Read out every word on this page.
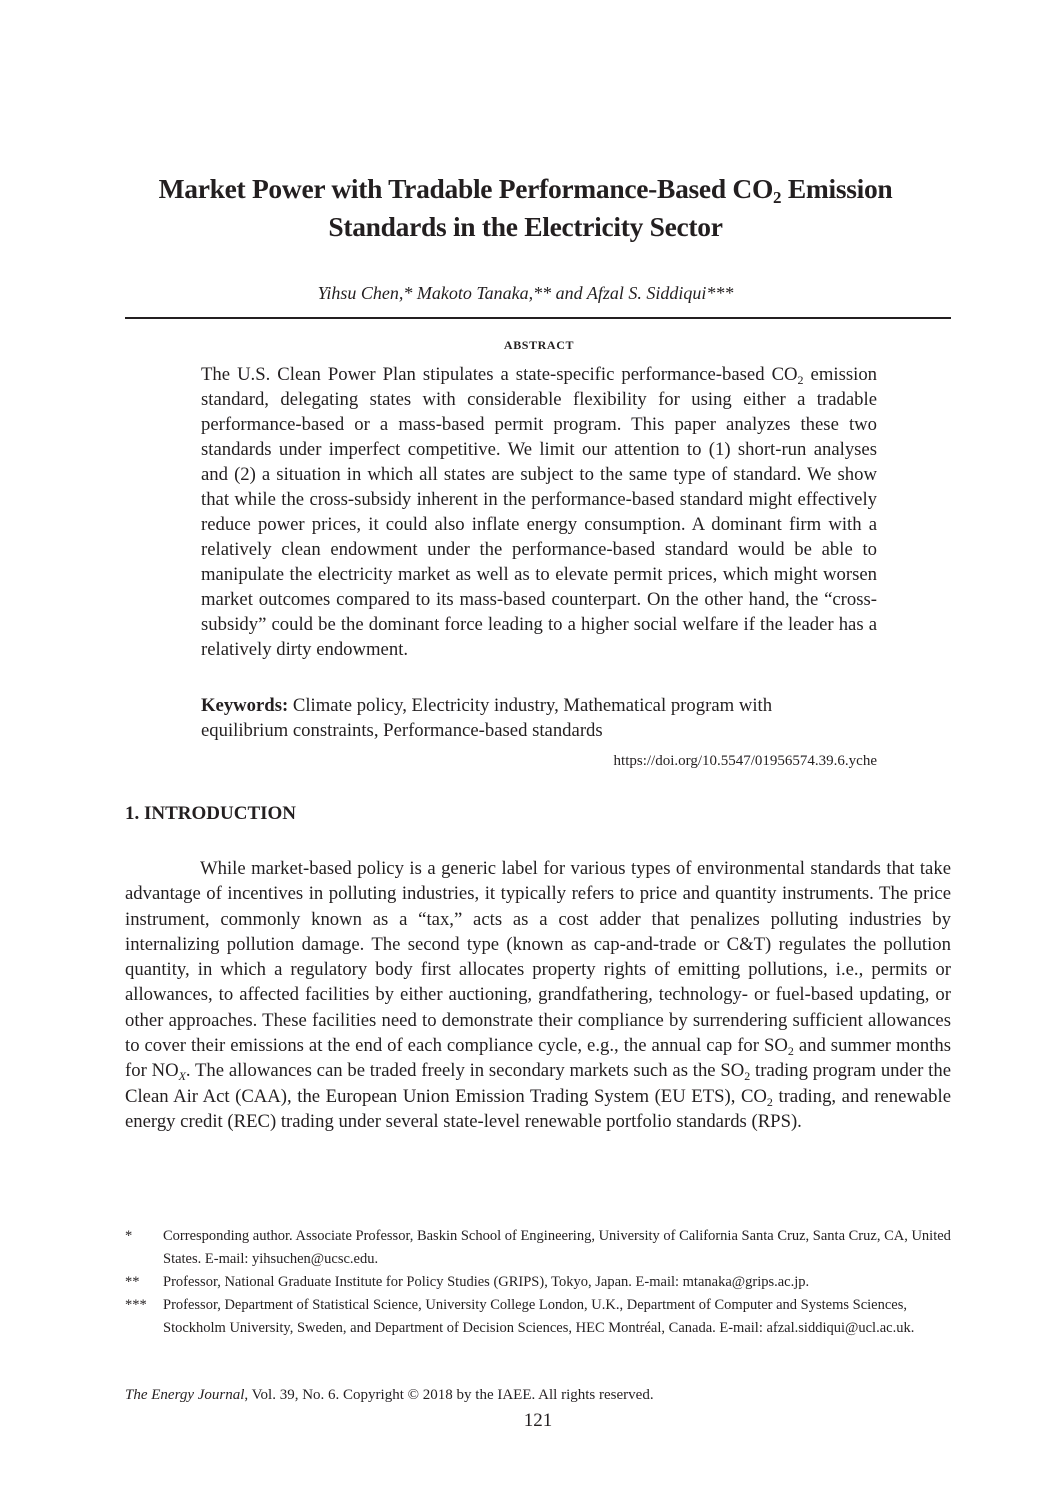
Market Power with Tradable Performance-Based $CO_2$ Emission
Standards in the Electricity Sector
Yihsu Chen,* Makoto Tanaka,** and Afzal S. Siddiqui***
ABSTRACT

The U.S. Clean Power Plan stipulates a state-specific performance-based $CO_2$ emission standard, delegating states with considerable flexibility for using either a tradable performance-based or a mass-based permit program. This paper analyzes these two standards under imperfect competitive. We limit our attention to (1) short-run analyses and (2) a situation in which all states are subject to the same type of standard. We show that while the cross-subsidy inherent in the performance-based standard might effectively reduce power prices, it could also inflate energy consumption. A dominant firm with a relatively clean endowment under the performance-based standard would be able to manipulate the electricity market as well as to elevate permit prices, which might worsen market outcomes compared to its mass-based counterpart. On the other hand, the “cross-subsidy” could be the dominant force leading to a higher social welfare if the leader has a relatively dirty endowment.

Keywords: Climate policy, Electricity industry, Mathematical program with
equilibrium constraints, Performance-based standards
https://doi.org/10.5547/01956574.39.6.yche
1. INTRODUCTION

While market-based policy is a generic label for various types of environmental standards that take advantage of incentives in polluting industries, it typically refers to price and quantity instruments. The price instrument, commonly known as a “tax,” acts as a cost adder that penalizes polluting industries by internalizing pollution damage. The second type (known as cap-and-trade or C&T) regulates the pollution quantity, in which a regulatory body first allocates property rights of emitting pollutions, i.e., permits or allowances, to affected facilities by either auctioning, grandfathering, technology- or fuel-based updating, or other approaches. These facilities need to demonstrate their compliance by surrendering sufficient allowances to cover their emissions at the end of each compliance cycle, e.g., the annual cap for $SO_2$ and summer months for $NO_X$. The allowances can be traded freely in secondary markets such as the $SO_2$ trading program under the Clean Air Act (CAA), the European Union Emission Trading System (EU ETS), $CO_2$ trading, and renewable energy credit (REC) trading under several state-level renewable portfolio standards (RPS).

*	Corresponding author. Associate Professor, Baskin School of Engineering, University of California Santa Cruz, Santa Cruz, CA, United States. E-mail: yihsuchen@ucsc.edu.
**	Professor, National Graduate Institute for Policy Studies (GRIPS), Tokyo, Japan. E-mail: mtanaka@grips.ac.jp.
***	Professor, Department of Statistical Science, University College London, U.K., Department of Computer and Systems Sciences, Stockholm University, Sweden, and Department of Decision Sciences, HEC Montréal, Canada. E-mail: afzal.siddiqui@ucl.ac.uk.
The Energy Journal, Vol. 39, No. 6. Copyright © 2018 by the IAEE. All rights reserved.
121
